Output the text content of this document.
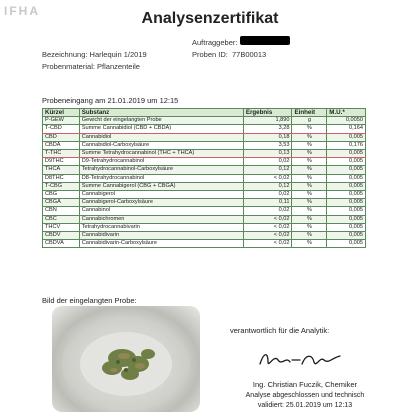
IFHA	Analysenzertifikat
Auftraggeber:
Proben ID: 77B00013
Bezeichnung: Harlequin 1/2019
Probenmaterial: Pflanzenteile
Probeneingang am 21.01.2019 um 12:15
Kürzel	Substanz	Ergebnis	Einheit	M.U.*
P-GEW	Gewicht der eingelangten Probe	1,890	g	0,0050
T-CBD	Summe Cannabidiol (CBD + CBDA)	3,28	%	0,164
CBD	Cannabidiol	0,18	%	0,005
CBDA	Cannabidiol-Carboxylsäure	3,53	%	0,176
T-THC	Summe Tetrahydrocannabinol (THC + THCA)	0,13	%	0,005
D9THC	D9-Tetrahydrocannabinol	0,02	%	0,005
THCA	Tetrahydrocannabinol-Carboxylsäure	0,12	%	0,005
D8THC	D8-Tetrahydrocannabinol	< 0,02	%	0,005
T-CBG	Summe Cannabigerol (CBG + CBGA)	0,12	%	0,005
CBG	Cannabigerol	0,02	%	0,005
CBGA	Cannabigerol-Carboxylsäure	0,11	%	0,005
CBN	Cannabinol	0,02	%	0,005
CBC	Cannabichromen	< 0,02	%	0,005
THCV	Tetrahydrocannabivarin	< 0,02	%	0,005
CBDV	Cannabidivarin	< 0,02	%	0,005
CBDVA	Cannabidivarin-Carboxylsäure	< 0,02	%	0,005
Bild der eingelangten Probe:
verantwortlich für die Analytik:
Ing. Christian Fuczik, Chemiker
Analyse abgeschlossen und technisch
validiert: 25.01.2019 um 12:13
